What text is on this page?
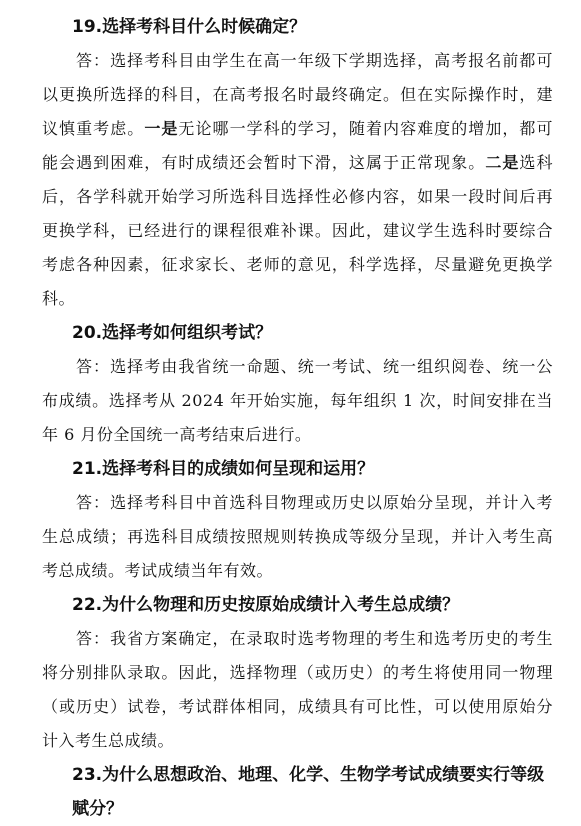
19.选择考科目什么时候确定？

答：选择考科目由学生在高一年级下学期选择，高考报名前都可以更换所选择的科目，在高考报名时最终确定。但在实际操作时，建议慎重考虑。一是无论哪一学科的学习，随着内容难度的增加，都可能会遇到困难，有时成绩还会暂时下滑，这属于正常现象。二是选科后，各学科就开始学习所选科目选择性必修内容，如果一段时间后再更换学科，已经进行的课程很难补课。因此，建议学生选科时要综合考虑各种因素，征求家长、老师的意见，科学选择，尽量避免更换学科。

20.选择考如何组织考试？

答：选择考由我省统一命题、统一考试、统一组织阅卷、统一公布成绩。选择考从 2024 年开始实施，每年组织 1 次，时间安排在当年 6 月份全国统一高考结束后进行。

21.选择考科目的成绩如何呈现和运用？

答：选择考科目中首选科目物理或历史以原始分呈现，并计入考生总成绩；再选科目成绩按照规则转换成等级分呈现，并计入考生高考总成绩。考试成绩当年有效。

22.为什么物理和历史按原始成绩计入考生总成绩？

答：我省方案确定，在录取时选考物理的考生和选考历史的考生将分别排队录取。因此，选择物理（或历史）的考生将使用同一物理（或历史）试卷，考试群体相同，成绩具有可比性，可以使用原始分计入考生总成绩。

23.为什么思想政治、地理、化学、生物学考试成绩要实行等级赋分？
